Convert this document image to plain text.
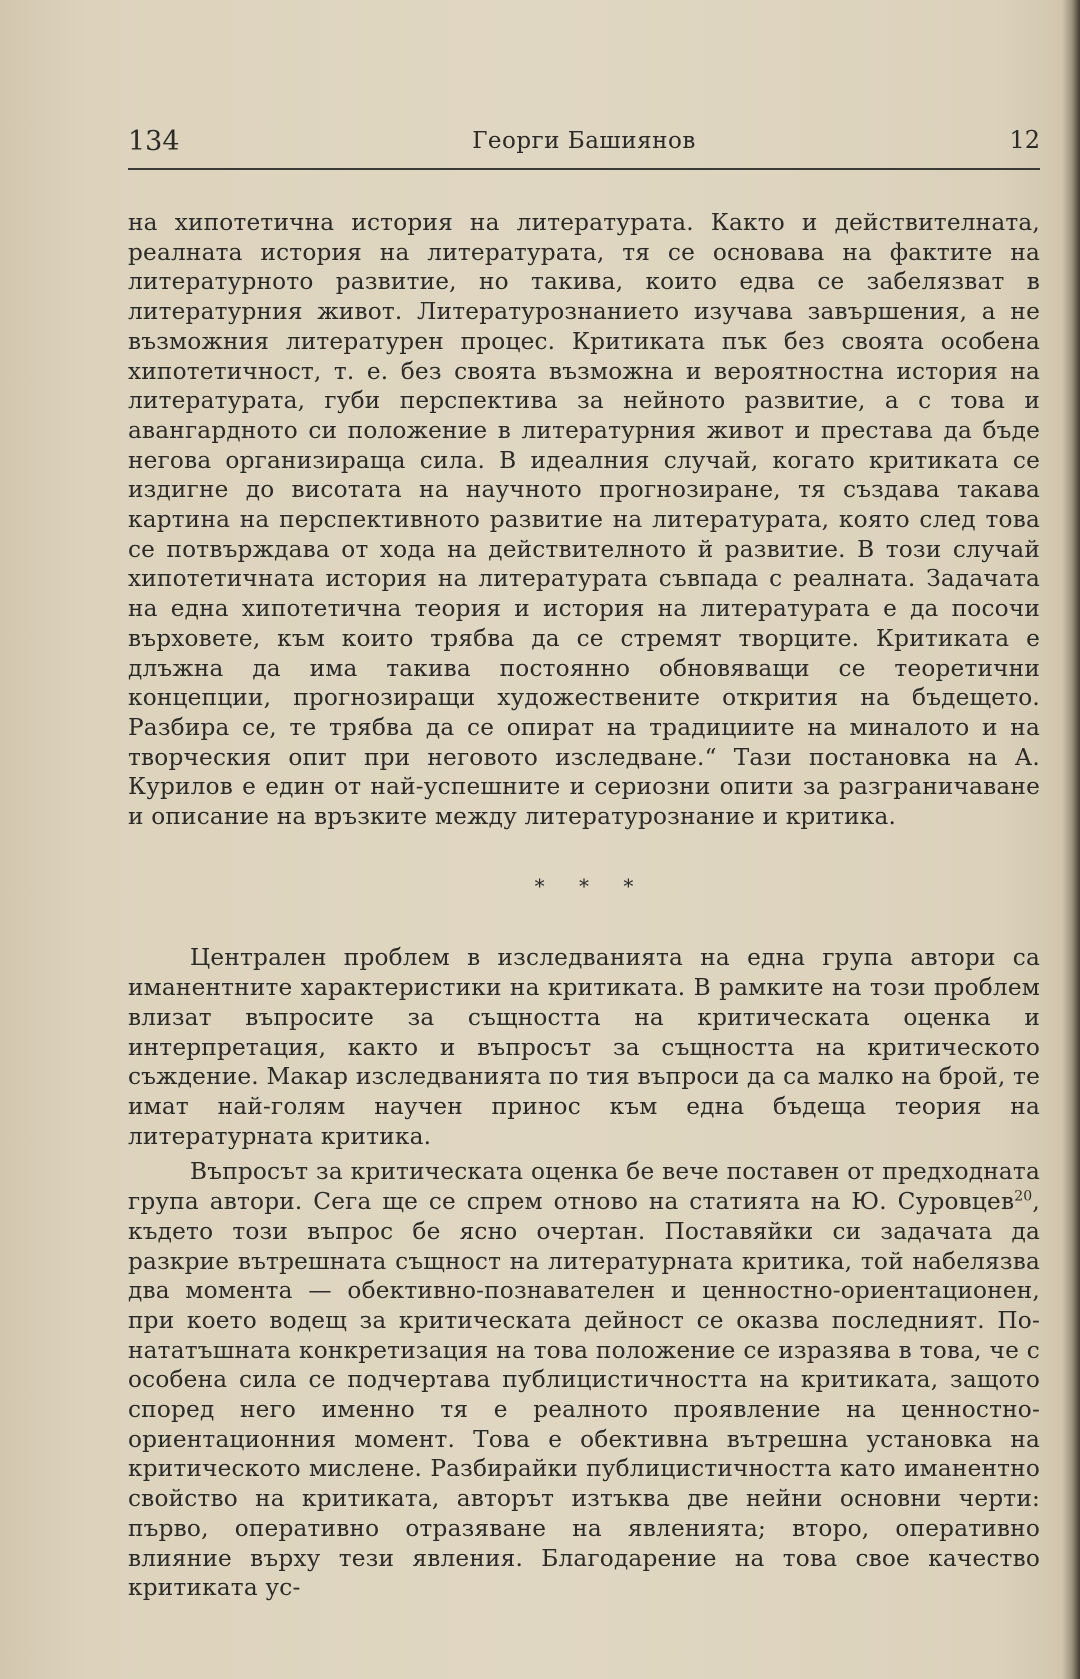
134	Георги Башиянов	12

на хипотетична история на литературата. Както и действителната, реалната история на литературата, тя се основава на фактите на литературното развитие, но такива, които едва се забелязват в литературния живот. Литературознанието изучава завършения, а не възможния литературен процес. Критиката пък без своята особена хипотетичност, т. е. без своята възможна и вероятностна история на литературата, губи перспектива за нейното развитие, а с това и авангардното си положение в литературния живот и престава да бъде негова организираща сила. В идеалния случай, когато критиката се издигне до висотата на научното прогнозиране, тя създава такава картина на перспективното развитие на литературата, която след това се потвърждава от хода на действителното й развитие. В този случай хипотетичната история на литературата съвпада с реалната. Задачата на една хипотетична теория и история на литературата е да посочи върховете, към които трябва да се стремят творците. Критиката е длъжна да има такива постоянно обновяващи се теоретични концепции, прогнозиращи художествените открития на бъдещето. Разбира се, те трябва да се опират на традициите на миналото и на творческия опит при неговото изследване.“ Тази постановка на А. Курилов е един от най-успешните и сериозни опити за разграничаване и описание на връзките между литературознание и критика.

* * *

Централен проблем в изследванията на една група автори са иманентните характеристики на критиката. В рамките на този проблем влизат въпросите за същността на критическата оценка и интерпретация, както и въпросът за същността на критическото съждение. Макар изследванията по тия въпроси да са малко на брой, те имат най-голям научен принос към една бъдеща теория на литературната критика.

Въпросът за критическата оценка бе вече поставен от предходната група автори. Сега ще се спрем отново на статията на Ю. Суровцев$^{20}$, където този въпрос бе ясно очертан. Поставяйки си задачата да разкрие вътрешната същност на литературната критика, той набелязва два момента — обективно-познавателен и ценностно-ориентационен, при което водещ за критическата дейност се оказва последният. По-нататъшната конкретизация на това положение се изразява в това, че с особена сила се подчертава публицистичността на критиката, защото според него именно тя е реалното проявление на ценностно-ориентационния момент. Това е обективна вътрешна установка на критическото мислене. Разбирайки публицистичността като иманентно свойство на критиката, авторът изтъква две нейни основни черти: първо, оперативно отразяване на явленията; второ, оперативно влияние върху тези явления. Благодарение на това свое качество критиката ус-
